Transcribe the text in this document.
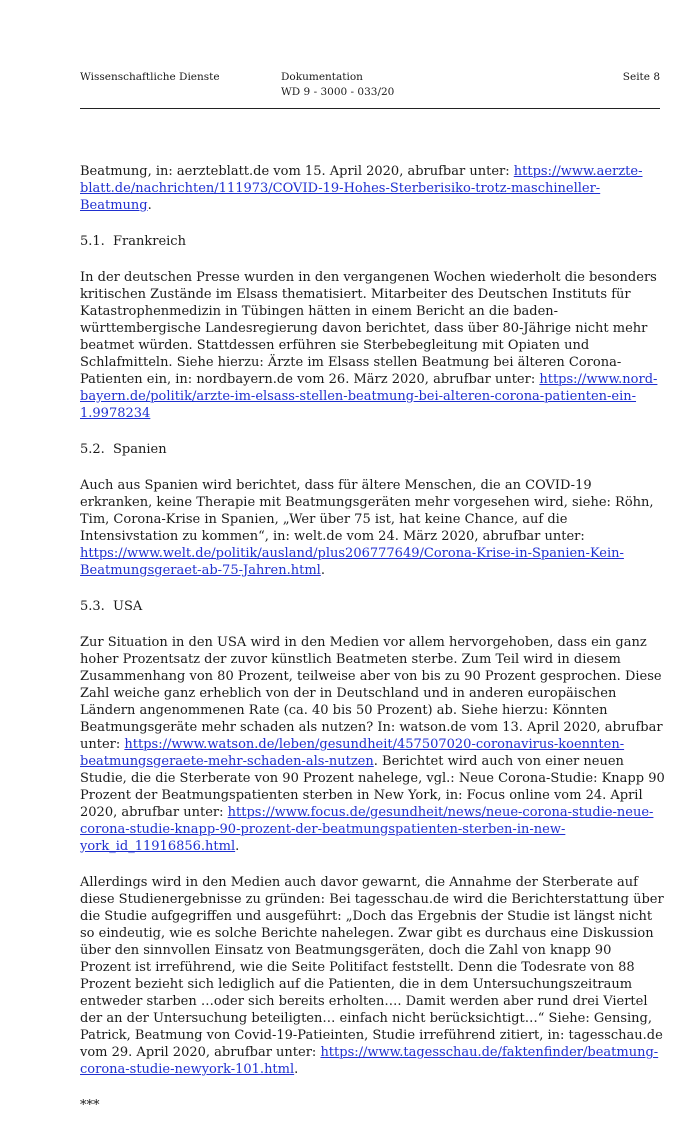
Wissenschaftliche Dienste	Dokumentation
WD 9 - 3000 - 033/20
Seite 8

Beatmung, in: aerzteblatt.de vom 15. April 2020, abrufbar unter: https://www.aerzte-blatt.de/nachrichten/111973/COVID-19-Hohes-Sterberisiko-trotz-maschineller-Beatmung.

5.1. Frankreich

In der deutschen Presse wurden in den vergangenen Wochen wiederholt die besonders kritischen Zustände im Elsass thematisiert. Mitarbeiter des Deutschen Instituts für Katastrophenmedizin in Tübingen hätten in einem Bericht an die baden-württembergische Landesregierung davon berichtet, dass über 80-Jährige nicht mehr beatmet würden. Stattdessen erführen sie Sterbebegleitung mit Opiaten und Schlafmitteln. Siehe hierzu: Ärzte im Elsass stellen Beatmung bei älteren Corona-Patienten ein, in: nordbayern.de vom 26. März 2020, abrufbar unter: https://www.nord-bayern.de/politik/arzte-im-elsass-stellen-beatmung-bei-alteren-corona-patienten-ein-1.9978234

5.2. Spanien

Auch aus Spanien wird berichtet, dass für ältere Menschen, die an COVID-19 erkranken, keine Therapie mit Beatmungsgeräten mehr vorgesehen wird, siehe: Röhn, Tim, Corona-Krise in Spanien, „Wer über 75 ist, hat keine Chance, auf die Intensivstation zu kommen“, in: welt.de vom 24. März 2020, abrufbar unter: https://www.welt.de/politik/ausland/plus206777649/Corona-Krise-in-Spanien-Kein-Beatmungsgeraet-ab-75-Jahren.html.

5.3. USA

Zur Situation in den USA wird in den Medien vor allem hervorgehoben, dass ein ganz hoher Prozentsatz der zuvor künstlich Beatmeten sterbe. Zum Teil wird in diesem Zusammenhang von 80 Prozent, teilweise aber von bis zu 90 Prozent gesprochen. Diese Zahl weiche ganz erheblich von der in Deutschland und in anderen europäischen Ländern angenommenen Rate (ca. 40 bis 50 Prozent) ab. Siehe hierzu: Könnten Beatmungsgeräte mehr schaden als nutzen? In: watson.de vom 13. April 2020, abrufbar unter: https://www.watson.de/leben/gesundheit/457507020-coronavirus-koennten-beatmungsgeraete-mehr-schaden-als-nutzen. Berichtet wird auch von einer neuen Studie, die die Sterberate von 90 Prozent nahelege, vgl.: Neue Corona-Studie: Knapp 90 Prozent der Beatmungspatienten sterben in New York, in: Focus online vom 24. April 2020, abrufbar unter: https://www.focus.de/gesundheit/news/neue-corona-studie-neue-corona-studie-knapp-90-prozent-der-beatmungspatienten-sterben-in-new-york_id_11916856.html.

Allerdings wird in den Medien auch davor gewarnt, die Annahme der Sterberate auf diese Studienergebnisse zu gründen: Bei tagesschau.de wird die Berichterstattung über die Studie aufgegriffen und ausgeführt: „Doch das Ergebnis der Studie ist längst nicht so eindeutig, wie es solche Berichte nahelegen. Zwar gibt es durchaus eine Diskussion über den sinnvollen Einsatz von Beatmungsgeräten, doch die Zahl von knapp 90 Prozent ist irreführend, wie die Seite Politifact feststellt. Denn die Todesrate von 88 Prozent bezieht sich lediglich auf die Patienten, die in dem Untersuchungszeitraum entweder starben …oder sich bereits erholten…. Damit werden aber rund drei Viertel der an der Untersuchung beteiligten… einfach nicht berücksichtigt…“ Siehe: Gensing, Patrick, Beatmung von Covid-19-Patieinten, Studie irreführend zitiert, in: tagesschau.de vom 29. April 2020, abrufbar unter: https://www.tagesschau.de/faktenfinder/beatmung-corona-studie-newyork-101.html.

***
